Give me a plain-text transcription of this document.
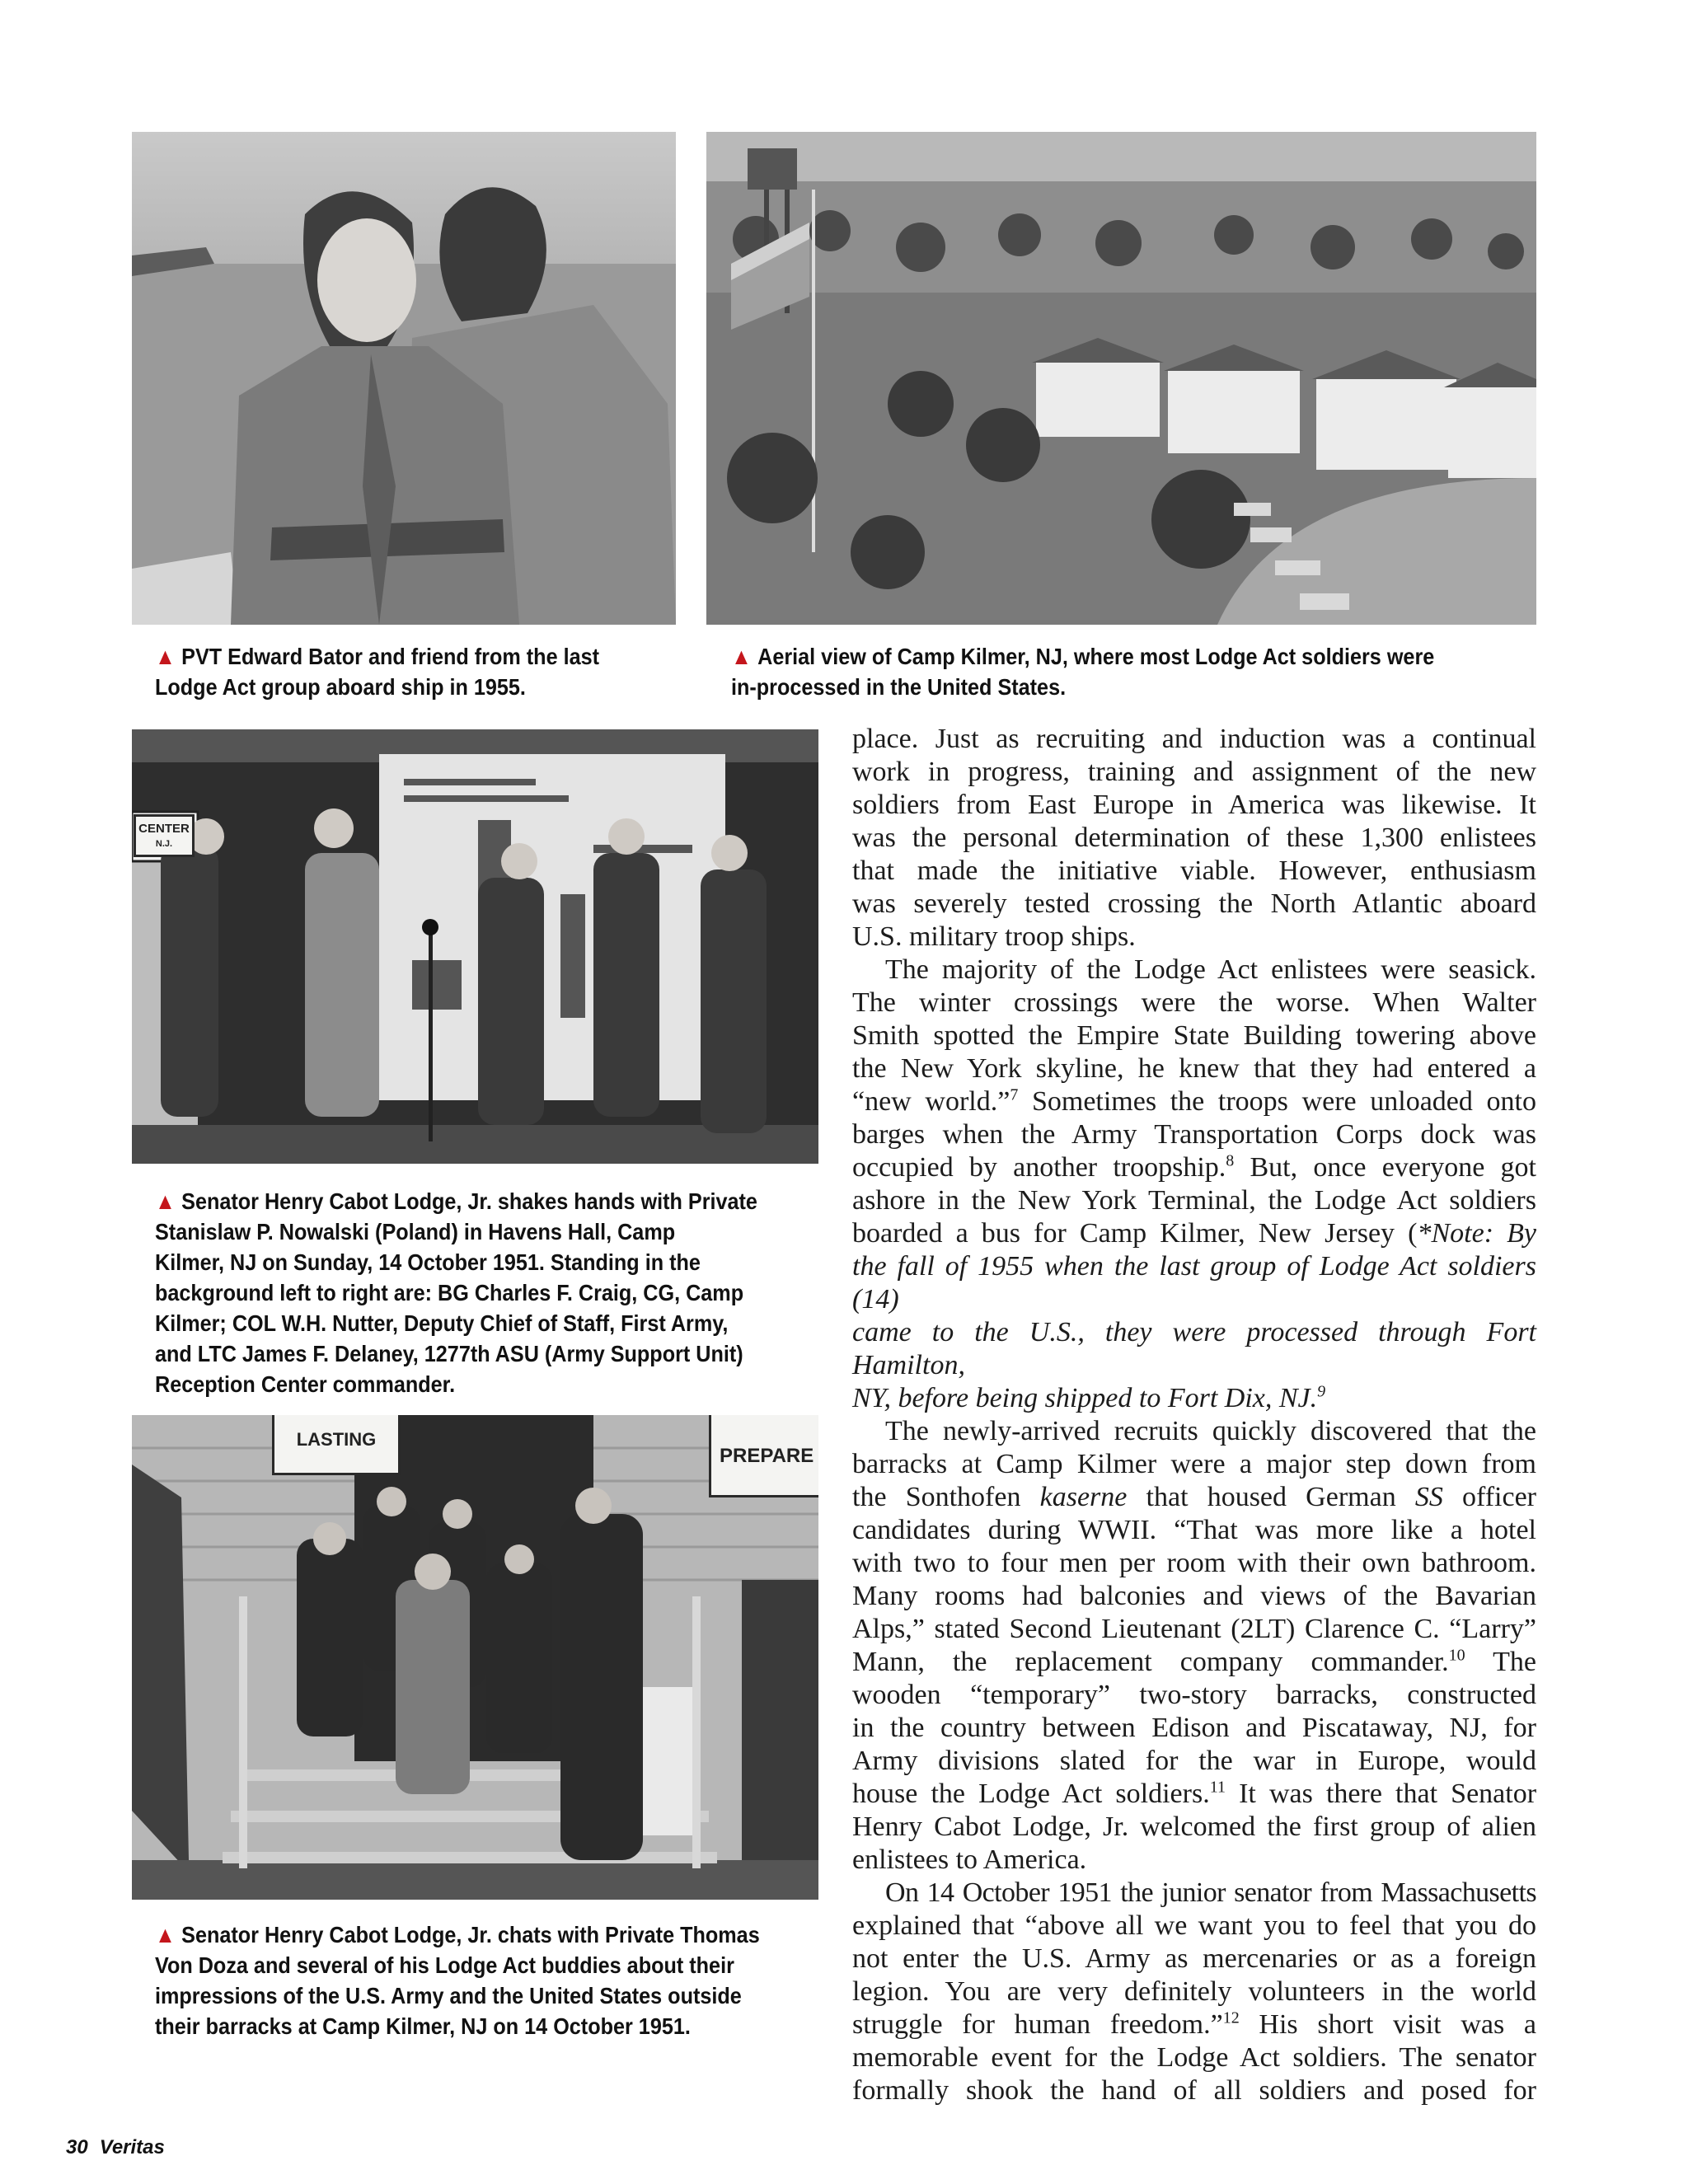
▲ PVT Edward Bator and friend from the last
Lodge Act group aboard ship in 1955.
▲ Aerial view of Camp Kilmer, NJ, where most Lodge Act soldiers were
in-processed in the United States.
CENTER
N.J.
▲ Senator Henry Cabot Lodge, Jr. shakes hands with Private
Stanislaw P. Nowalski (Poland) in Havens Hall, Camp
Kilmer, NJ on Sunday, 14 October 1951. Standing in the
background left to right are: BG Charles F. Craig, CG, Camp
Kilmer; COL W.H. Nutter, Deputy Chief of Staff, First Army,
and LTC James F. Delaney, 1277th ASU (Army Support Unit)
Reception Center commander.
LASTING
PREPARE
▲ Senator Henry Cabot Lodge, Jr. chats with Private Thomas
Von Doza and several of his Lodge Act buddies about their
impressions of the U.S. Army and the United States outside
their barracks at Camp Kilmer, NJ on 14 October 1951.

place. Just as recruiting and induction was a continual

work in progress, training and assignment of the new

soldiers from East Europe in America was likewise. It

was the personal determination of these 1,300 enlistees

that made the initiative viable. However, enthusiasm

was severely tested crossing the North Atlantic aboard

U.S. military troop ships.

The majority of the Lodge Act enlistees were seasick.

The winter crossings were the worse. When Walter

Smith spotted the Empire State Building towering above

the New York skyline, he knew that they had entered a

“new world.”$^7$ Sometimes the troops were unloaded onto

barges when the Army Transportation Corps dock was

occupied by another troopship.$^8$ But, once everyone got

ashore in the New York Terminal, the Lodge Act soldiers

boarded a bus for Camp Kilmer, New Jersey (*Note: By

the fall of 1955 when the last group of Lodge Act soldiers (14)

came to the U.S., they were processed through Fort Hamilton,

NY, before being shipped to Fort Dix, NJ.$^9$

The newly-arrived recruits quickly discovered that the

barracks at Camp Kilmer were a major step down from

the Sonthofen kaserne that housed German SS officer

candidates during WWII. “That was more like a hotel

with two to four men per room with their own bathroom.

Many rooms had balconies and views of the Bavarian

Alps,” stated Second Lieutenant (2LT) Clarence C. “Larry”

Mann, the replacement company commander.$^{10}$ The

wooden “temporary” two-story barracks, constructed

in the country between Edison and Piscataway, NJ, for

Army divisions slated for the war in Europe, would

house the Lodge Act soldiers.$^{11}$ It was there that Senator

Henry Cabot Lodge, Jr. welcomed the first group of alien

enlistees to America.

On 14 October 1951 the junior senator from Massachusetts

explained that “above all we want you to feel that you do

not enter the U.S. Army as mercenaries or as a foreign

legion. You are very definitely volunteers in the world

struggle for human freedom.”$^{12}$ His short visit was a

memorable event for the Lodge Act soldiers. The senator

formally shook the hand of all soldiers and posed for

30 Veritas
